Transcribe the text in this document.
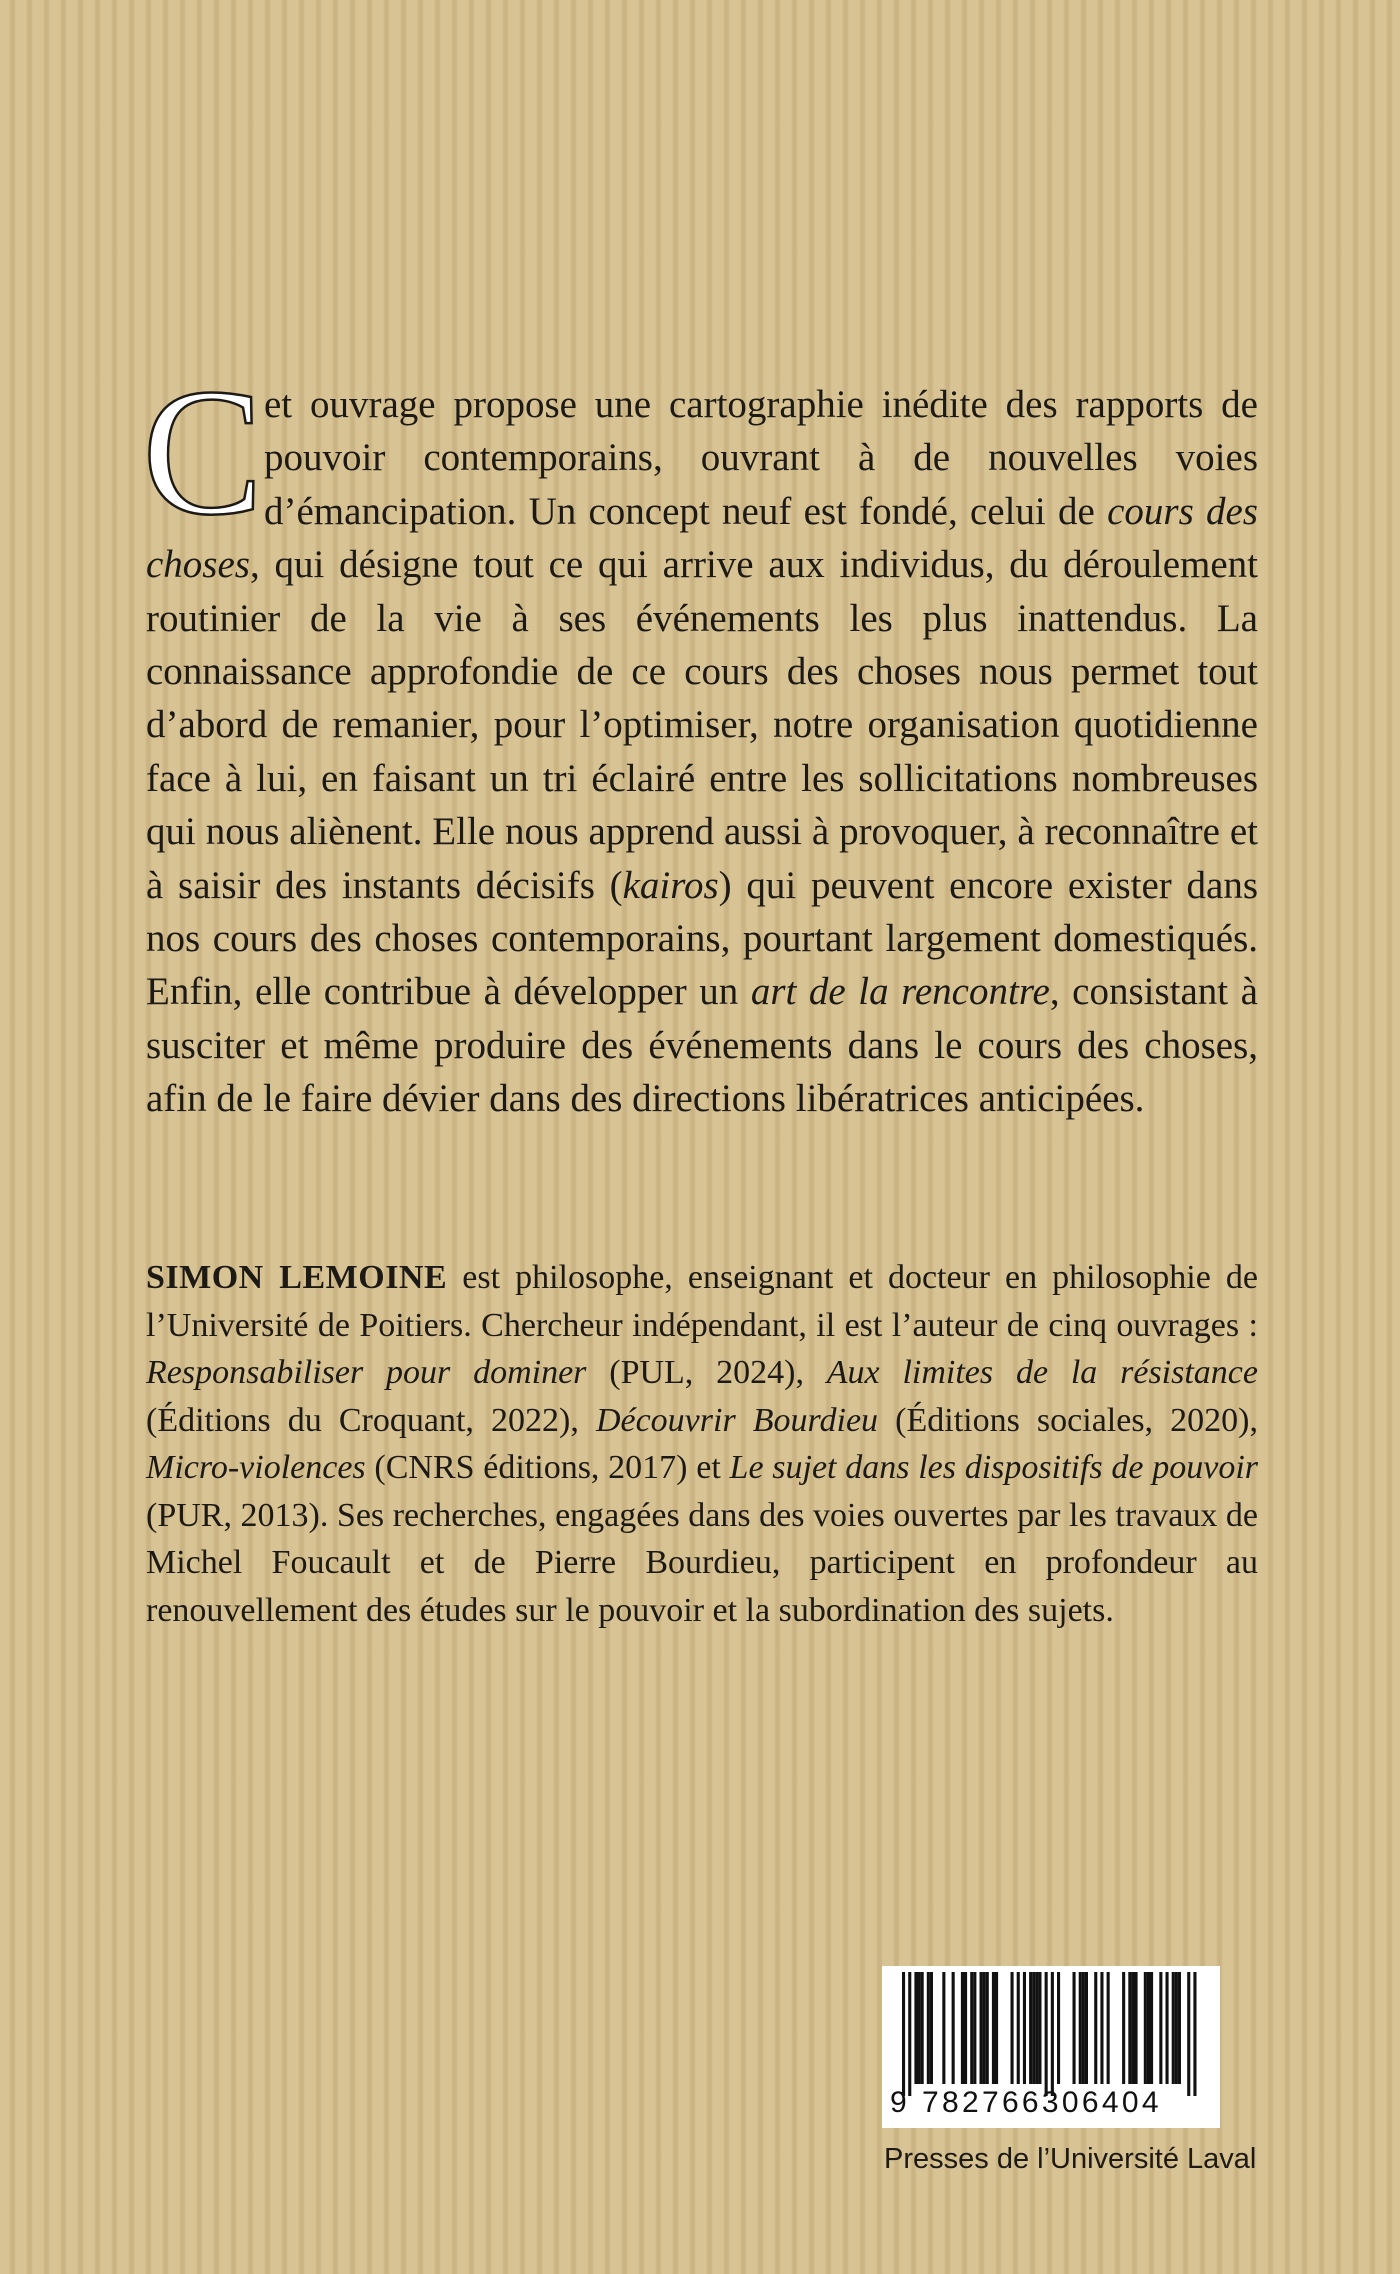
Cet ouvrage propose une cartographie inédite des rapports de pouvoir contemporains, ouvrant à de nouvelles voies d’émancipation. Un concept neuf est fondé, celui de cours des choses, qui désigne tout ce qui arrive aux individus, du déroulement routinier de la vie à ses événements les plus inattendus. La connaissance approfondie de ce cours des choses nous permet tout d’abord de remanier, pour l’optimiser, notre organisation quotidienne face à lui, en faisant un tri éclairé entre les sollicitations nombreuses qui nous aliènent. Elle nous apprend aussi à provoquer, à reconnaître et à saisir des instants décisifs (kairos) qui peuvent encore exister dans nos cours des choses contemporains, pourtant largement domestiqués. Enfin, elle contribue à développer un art de la rencontre, consistant à susciter et même produire des événements dans le cours des choses, afin de le faire dévier dans des directions libératrices anticipées.
SIMON LEMOINE est philosophe, enseignant et docteur en philosophie de l’Université de Poitiers. Chercheur indépendant, il est l’auteur de cinq ouvrages : Responsabiliser pour dominer (PUL, 2024), Aux limites de la résistance (Éditions du Croquant, 2022), Découvrir Bourdieu (Éditions sociales, 2020), Micro-violences (CNRS éditions, 2017) et Le sujet dans les dispositifs de pouvoir (PUR, 2013). Ses recherches, engagées dans des voies ouvertes par les travaux de Michel Foucault et de Pierre Bourdieu, participent en profondeur au renouvellement des études sur le pouvoir et la subordination des sujets.
9 782766306404
Presses de l’Université Laval
